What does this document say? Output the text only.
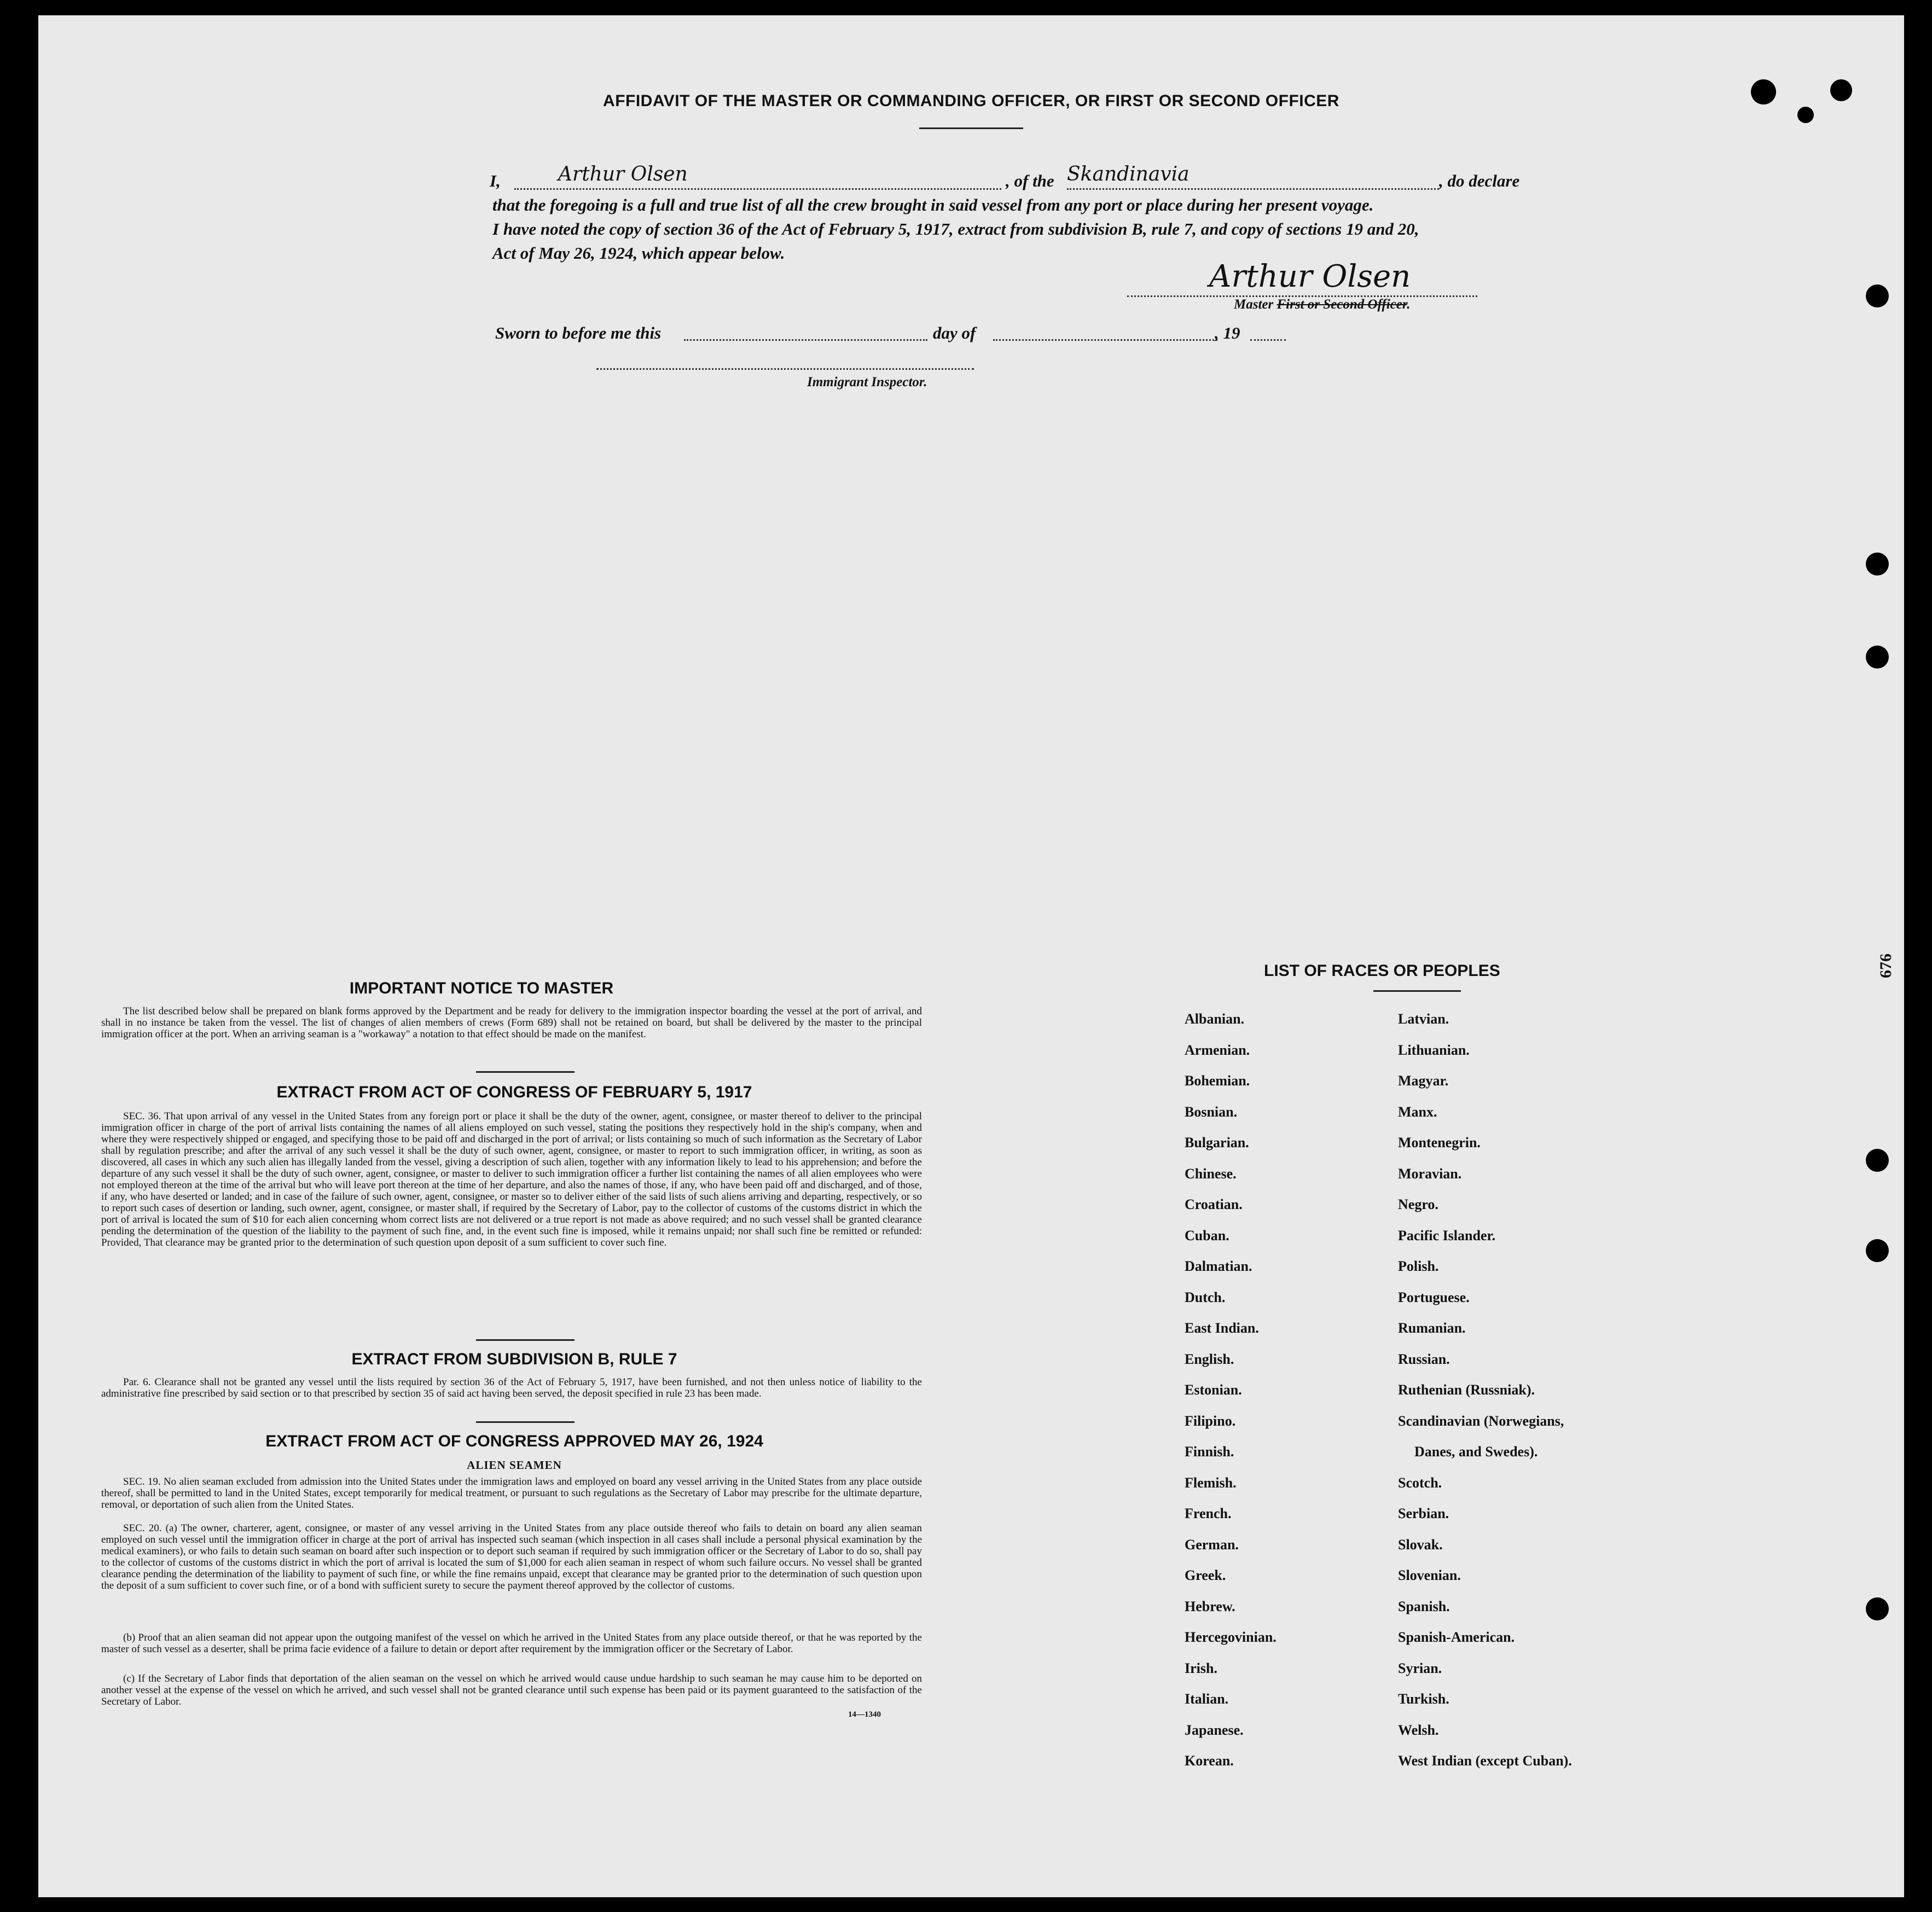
AFFIDAVIT OF THE MASTER OR COMMANDING OFFICER, OR FIRST OR SECOND OFFICER
I,	Arthur Olsen	, of the Skandinavia	, do declare
that the foregoing is a full and true list of all the crew brought in said vessel from any port or place during her present voyage.
I have noted the copy of section 36 of the Act of February 5, 1917, extract from subdivision B, rule 7, and copy of sections 19 and 20,
Act of May 26, 1924, which appear below.
Arthur Olsen
Master First or Second Officer.
Sworn to before me this	day of	, 19
Immigrant Inspector.
IMPORTANT NOTICE TO MASTER
The list described below shall be prepared on blank forms approved by the Department and be ready for delivery to the immigration inspector boarding the vessel at the port of arrival, and shall in no instance be taken from the vessel. The list of changes of alien members of crews (Form 689) shall not be retained on board, but shall be delivered by the master to the principal immigration officer at the port. When an arriving seaman is a "workaway" a notation to that effect should be made on the manifest.
EXTRACT FROM ACT OF CONGRESS OF FEBRUARY 5, 1917
SEC. 36. That upon arrival of any vessel in the United States from any foreign port or place it shall be the duty of the owner, agent, consignee, or master thereof to deliver to the principal immigration officer in charge of the port of arrival lists containing the names of all aliens employed on such vessel, stating the positions they respectively hold in the ship's company, when and where they were respectively shipped or engaged, and specifying those to be paid off and discharged in the port of arrival; or lists containing so much of such information as the Secretary of Labor shall by regulation prescribe; and after the arrival of any such vessel it shall be the duty of such owner, agent, consignee, or master to report to such immigration officer, in writing, as soon as discovered, all cases in which any such alien has illegally landed from the vessel, giving a description of such alien, together with any information likely to lead to his apprehension; and before the departure of any such vessel it shall be the duty of such owner, agent, consignee, or master to deliver to such immigration officer a further list containing the names of all alien employees who were not employed thereon at the time of the arrival but who will leave port thereon at the time of her departure, and also the names of those, if any, who have been paid off and discharged, and of those, if any, who have deserted or landed; and in case of the failure of such owner, agent, consignee, or master so to deliver either of the said lists of such aliens arriving and departing, respectively, or so to report such cases of desertion or landing, such owner, agent, consignee, or master shall, if required by the Secretary of Labor, pay to the collector of customs of the customs district in which the port of arrival is located the sum of $10 for each alien concerning whom correct lists are not delivered or a true report is not made as above required; and no such vessel shall be granted clearance pending the determination of the question of the liability to the payment of such fine, and, in the event such fine is imposed, while it remains unpaid; nor shall such fine be remitted or refunded: Provided, That clearance may be granted prior to the determination of such question upon deposit of a sum sufficient to cover such fine.
EXTRACT FROM SUBDIVISION B, RULE 7
Par. 6. Clearance shall not be granted any vessel until the lists required by section 36 of the Act of February 5, 1917, have been furnished, and not then unless notice of liability to the administrative fine prescribed by said section or to that prescribed by section 35 of said act having been served, the deposit specified in rule 23 has been made.
EXTRACT FROM ACT OF CONGRESS APPROVED MAY 26, 1924
ALIEN SEAMEN
SEC. 19. No alien seaman excluded from admission into the United States under the immigration laws and employed on board any vessel arriving in the United States from any place outside thereof, shall be permitted to land in the United States, except temporarily for medical treatment, or pursuant to such regulations as the Secretary of Labor may prescribe for the ultimate departure, removal, or deportation of such alien from the United States.
SEC. 20. (a) The owner, charterer, agent, consignee, or master of any vessel arriving in the United States from any place outside thereof who fails to detain on board any alien seaman employed on such vessel until the immigration officer in charge at the port of arrival has inspected such seaman (which inspection in all cases shall include a personal physical examination by the medical examiners), or who fails to detain such seaman on board after such inspection or to deport such seaman if required by such immigration officer or the Secretary of Labor to do so, shall pay to the collector of customs of the customs district in which the port of arrival is located the sum of $1,000 for each alien seaman in respect of whom such failure occurs. No vessel shall be granted clearance pending the determination of the liability to payment of such fine, or while the fine remains unpaid, except that clearance may be granted prior to the determination of such question upon the deposit of a sum sufficient to cover such fine, or of a bond with sufficient surety to secure the payment thereof approved by the collector of customs.
(b) Proof that an alien seaman did not appear upon the outgoing manifest of the vessel on which he arrived in the United States from any place outside thereof, or that he was reported by the master of such vessel as a deserter, shall be prima facie evidence of a failure to detain or deport after requirement by the immigration officer or the Secretary of Labor.
(c) If the Secretary of Labor finds that deportation of the alien seaman on the vessel on which he arrived would cause undue hardship to such seaman he may cause him to be deported on another vessel at the expense of the vessel on which he arrived, and such vessel shall not be granted clearance until such expense has been paid or its payment guaranteed to the satisfaction of the Secretary of Labor.
14—1340
LIST OF RACES OR PEOPLES
Albanian.
Armenian.
Bohemian.
Bosnian.
Bulgarian.
Chinese.
Croatian.
Cuban.
Dalmatian.
Dutch.
East Indian.
English.
Estonian.
Filipino.
Finnish.
Flemish.
French.
German.
Greek.
Hebrew.
Hercegovinian.
Irish.
Italian.
Japanese.
Korean.
Latvian.
Lithuanian.
Magyar.
Manx.
Montenegrin.
Moravian.
Negro.
Pacific Islander.
Polish.
Portuguese.
Rumanian.
Russian.
Ruthenian (Russniak).
Scandinavian (Norwegians,
Danes, and Swedes).
Scotch.
Serbian.
Slovak.
Slovenian.
Spanish.
Spanish-American.
Syrian.
Turkish.
Welsh.
West Indian (except Cuban).
676
